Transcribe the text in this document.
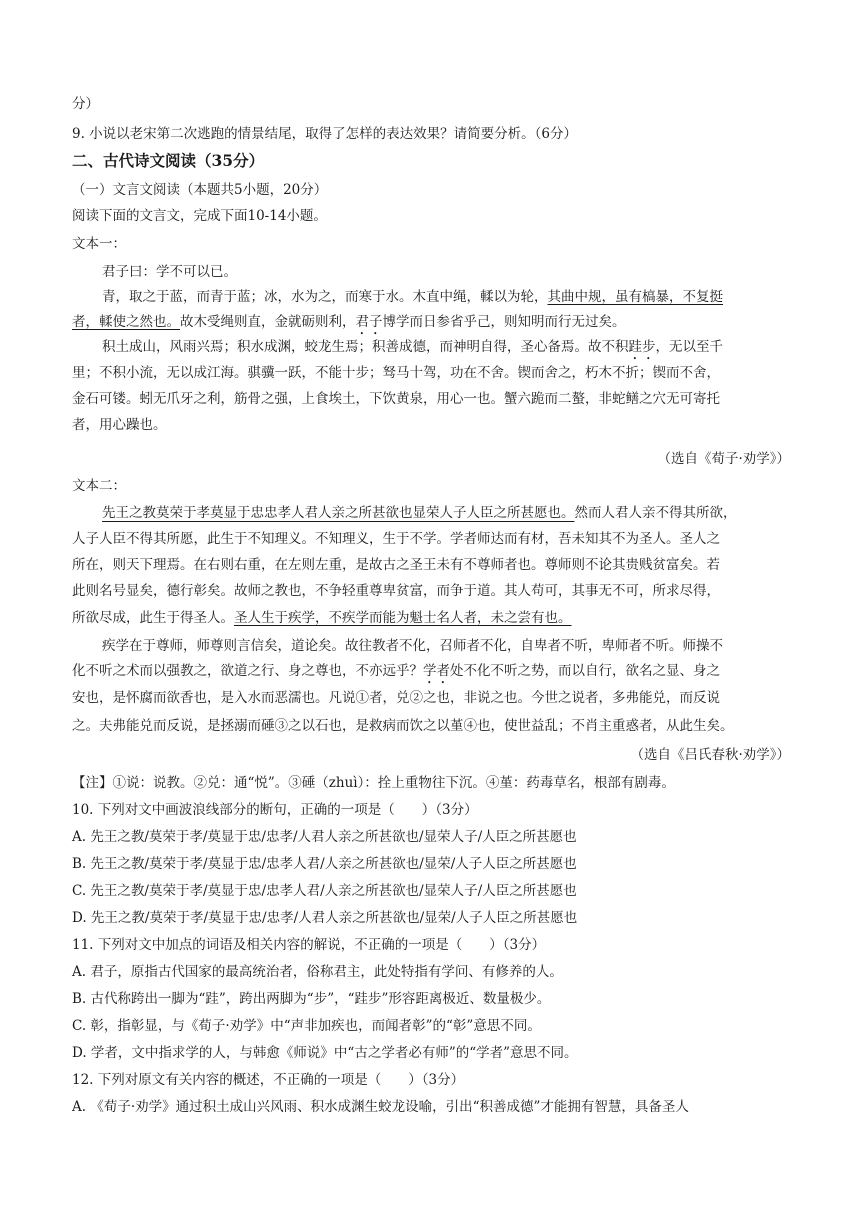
分）
9. 小说以老宋第二次逃跑的情景结尾，取得了怎样的表达效果？请简要分析。（6分）
二、古代诗文阅读（35分）
（一）文言文阅读（本题共5小题，20分）
阅读下面的文言文，完成下面10-14小题。
文本一：
君子曰：学不可以已。
青，取之于蓝，而青于蓝；冰，水为之，而寒于水。木直中绳，輮以为轮，其曲中规，虽有槁暴，不复挺
者，輮使之然也。故木受绳则直，金就砺则利，君子博学而日参省乎己，则知明而行无过矣。
积土成山，风雨兴焉；积水成渊，蛟龙生焉；积善成德，而神明自得，圣心备焉。故不积跬步，无以至千
里；不积小流，无以成江海。骐骥一跃，不能十步；驽马十驾，功在不舍。锲而舍之，朽木不折；锲而不舍，
金石可镂。蚓无爪牙之利，筋骨之强，上食埃土，下饮黄泉，用心一也。蟹六跪而二螯，非蛇鳝之穴无可寄托
者，用心躁也。
（选自《荀子·劝学》）
文本二：
先王之教莫荣于孝莫显于忠忠孝人君人亲之所甚欲也显荣人子人臣之所甚愿也。然而人君人亲不得其所欲，
人子人臣不得其所愿，此生于不知理义。不知理义，生于不学。学者师达而有材，吾未知其不为圣人。圣人之
所在，则天下理焉。在右则右重，在左则左重，是故古之圣王未有不尊师者也。尊师则不论其贵贱贫富矣。若
此则名号显矣，德行彰矣。故师之教也，不争轻重尊卑贫富，而争于道。其人苟可，其事无不可，所求尽得，
所欲尽成，此生于得圣人。圣人生于疾学，不疾学而能为魁士名人者，未之尝有也。
疾学在于尊师，师尊则言信矣，道论矣。故往教者不化，召师者不化，自卑者不听，卑师者不听。师操不
化不听之术而以强教之，欲道之行、身之尊也，不亦远乎？学者处不化不听之势，而以自行，欲名之显、身之
安也，是怀腐而欲香也，是入水而恶濡也。凡说①者，兑②之也，非说之也。今世之说者，多弗能兑，而反说
之。夫弗能兑而反说，是拯溺而硾③之以石也，是救病而饮之以堇④也，使世益乱；不肖主重惑者，从此生矣。
（选自《吕氏春秋·劝学》）
【注】①说：说教。②兑：通“悦”。③硾（zhuì）：拴上重物往下沉。④堇：药毒草名，根部有剧毒。
10. 下列对文中画波浪线部分的断句，正确的一项是（　　）（3分）
A. 先王之教/莫荣于孝/莫显于忠/忠孝/人君人亲之所甚欲也/显荣人子/人臣之所甚愿也
B. 先王之教/莫荣于孝/莫显于忠/忠孝人君/人亲之所甚欲也/显荣/人子人臣之所甚愿也
C. 先王之教/莫荣于孝/莫显于忠/忠孝人君/人亲之所甚欲也/显荣人子/人臣之所甚愿也
D. 先王之教/莫荣于孝/莫显于忠/忠孝/人君人亲之所甚欲也/显荣/人子人臣之所甚愿也
11. 下列对文中加点的词语及相关内容的解说，不正确的一项是（　　）（3分）
A. 君子，原指古代国家的最高统治者，俗称君主，此处特指有学问、有修养的人。
B. 古代称跨出一脚为“跬”，跨出两脚为“步”，“跬步”形容距离极近、数量极少。
C. 彰，指彰显，与《荀子·劝学》中“声非加疾也，而闻者彰”的“彰”意思不同。
D. 学者，文中指求学的人，与韩愈《师说》中“古之学者必有师”的“学者”意思不同。
12. 下列对原文有关内容的概述，不正确的一项是（　　）（3分）
A. 《荀子·劝学》通过积土成山兴风雨、积水成渊生蛟龙设喻，引出“积善成德”才能拥有智慧，具备圣人
